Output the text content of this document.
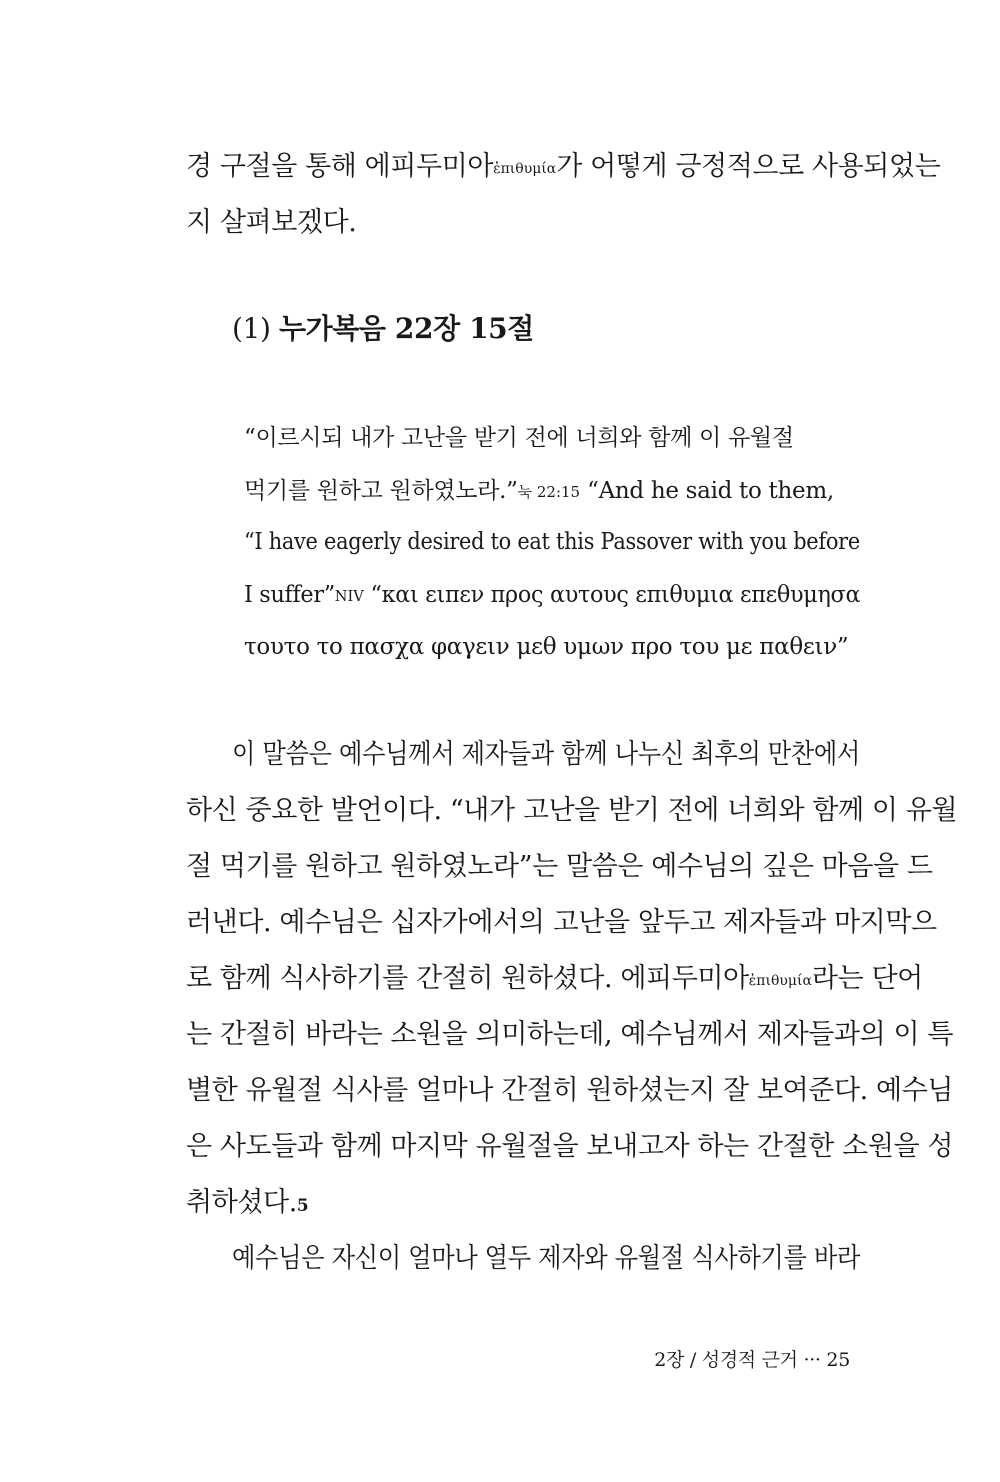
경 구절을 통해 에피두미아ἐπιθυμία가 어떻게 긍정적으로 사용되었는
지 살펴보겠다.
(1) 누가복음 22장 15절
“이르시되 내가 고난을 받기 전에 너희와 함께 이 유월절
먹기를 원하고 원하였노라.”눅 22:15 “And he said to them,
“I have eagerly desired to eat this Passover with you before
I suffer”NIV “και ειπεν προς αυτους επιθυμια επεθυμησα
τουτο το πασχα φαγειν μεθ υμων προ του με παθειν”
이 말씀은 예수님께서 제자들과 함께 나누신 최후의 만찬에서
하신 중요한 발언이다. “내가 고난을 받기 전에 너희와 함께 이 유월
절 먹기를 원하고 원하였노라”는 말씀은 예수님의 깊은 마음을 드
러낸다. 예수님은 십자가에서의 고난을 앞두고 제자들과 마지막으
로 함께 식사하기를 간절히 원하셨다. 에피두미아ἐπιθυμία라는 단어
는 간절히 바라는 소원을 의미하는데, 예수님께서 제자들과의 이 특
별한 유월절 식사를 얼마나 간절히 원하셨는지 잘 보여준다. 예수님
은 사도들과 함께 마지막 유월절을 보내고자 하는 간절한 소원을 성
취하셨다.5
예수님은 자신이 얼마나 열두 제자와 유월절 식사하기를 바라
2장 / 성경적 근거 ··· 25
